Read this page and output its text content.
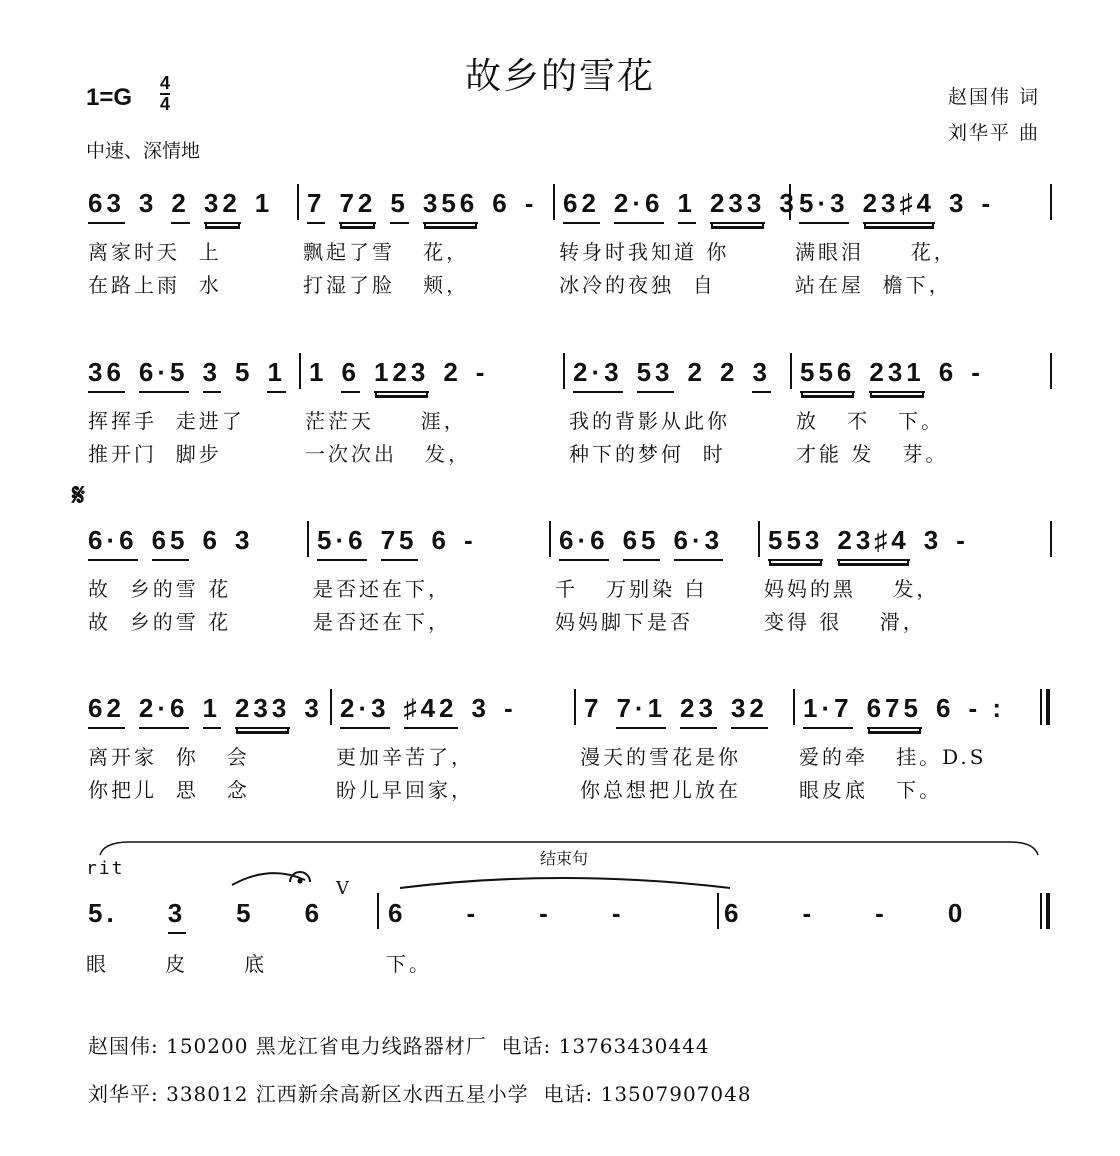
故乡的雪花
1=G
4
4
中速、深情地
赵国伟 词
刘华平 曲
𝄋
63 3 2 32 1 7 72 5 356 6 - 62 2·6 1 233 3 5·3 23♯4 3 -
离家时天  上	飘起了雪   花，	转身时我知道 你	满眼泪     花，
在路上雨  水	打湿了脸   颊，	冰冷的夜独  自	站在屋  檐下，
36 6·5 3 5 1 1 6 123 2 -	2·3 53 2 2 3 556 231 6 -
挥挥手  走进了	茫茫天     涯，	我的背影从此你	放   不   下。
推开门  脚步	一次次出   发，	种下的梦何  时	才能 发   芽。
6·6 65 6 3 5·6 75 6 -	6·6 65 6·3 553 23♯4 3 -
故  乡的雪 花	是否还在下，	千   万别染 白	妈妈的黑    发，
故  乡的雪 花	是否还在下，	妈妈脚下是否	变得 很    滑，
62 2·6 1 233 3 2·3 ♯42 3 -	7 7·1 23 32 1·7 675 6 - :
离开家  你   会	更加辛苦了，	漫天的雪花是你	爱的牵   挂。D.S
你把儿  思   念	盼儿早回家，	你总想把儿放在	眼皮底   下。
5. 3 5 6 6 - - -	6 - - 0
眼   皮   底	下。
rit	结束句
V
赵国伟: 150200 黑龙江省电力线路器材厂  电话: 13763430444
刘华平: 338012 江西新余高新区水西五星小学  电话: 13507907048
